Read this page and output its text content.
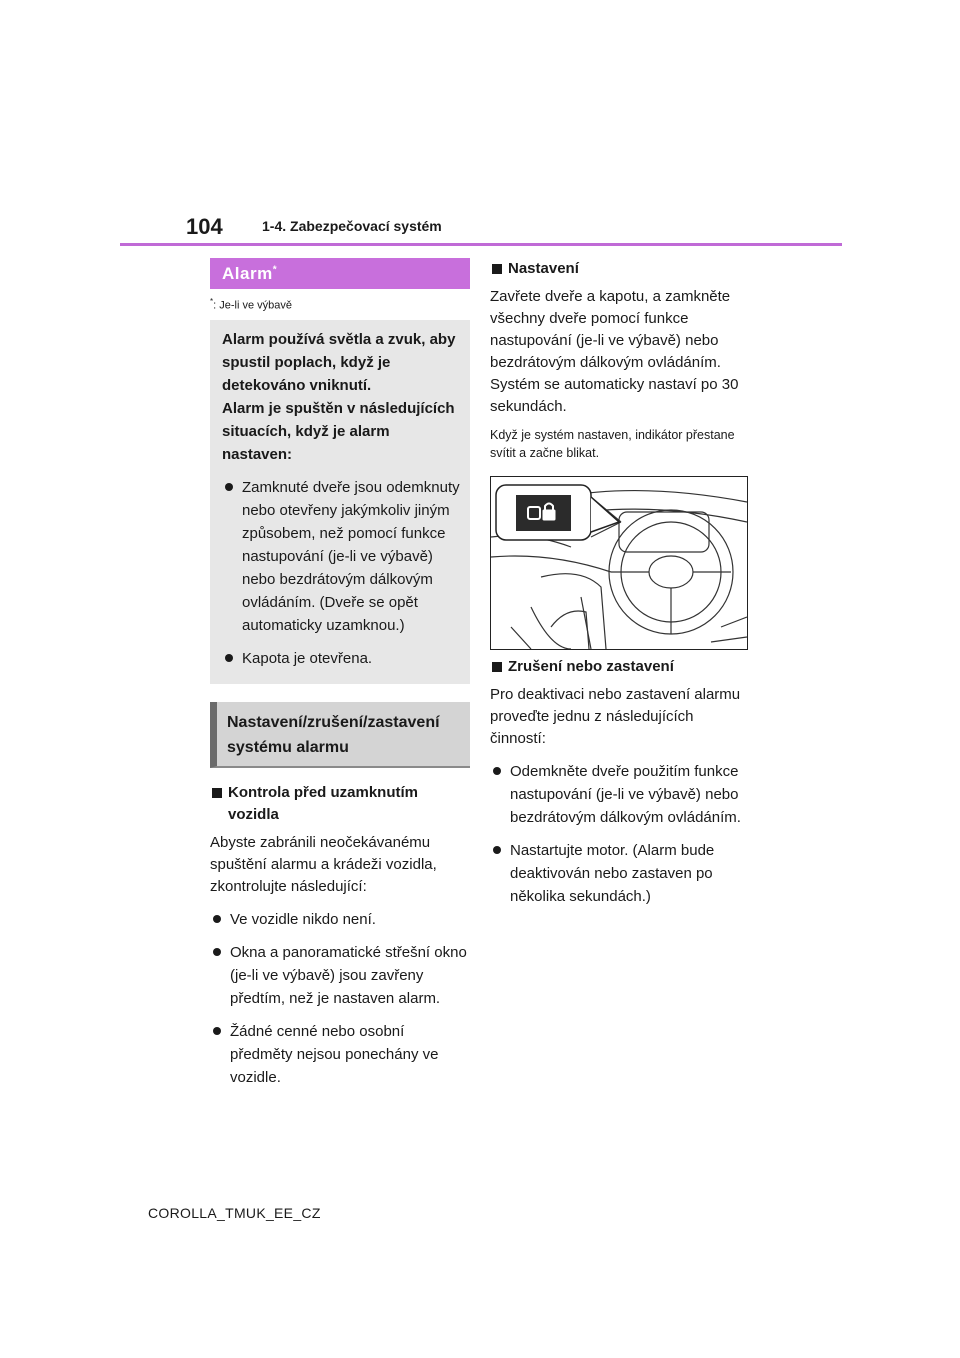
104	1-4. Zabezpečovací systém
Alarm*
*: Je-li ve výbavě

Alarm používá světla a zvuk, aby spustil poplach, když je detekováno vniknutí.

Alarm je spuštěn v následujících situacích, když je alarm nastaven:

Zamknuté dveře jsou odemknuty nebo otevřeny jakýmkoliv jiným způsobem, než pomocí funkce nastupování (je-li ve výbavě) nebo bezdrátovým dálkovým ovládáním. (Dveře se opět automaticky uzamknou.)
Kapota je otevřena.
Nastavení/zrušení/zastavení systému alarmu
Kontrola před uzamknutím vozidla
Abyste zabránili neočekávanému spuštění alarmu a krádeži vozidla, zkontrolujte následující:
Ve vozidle nikdo není.
Okna a panoramatické střešní okno (je-li ve výbavě) jsou zavřeny předtím, než je nastaven alarm.
Žádné cenné nebo osobní předměty nejsou ponechány ve vozidle.
Nastavení
Zavřete dveře a kapotu, a zamkněte všechny dveře pomocí funkce nastupování (je-li ve výbavě) nebo bezdrátovým dálkovým ovládáním. Systém se automaticky nastaví po 30 sekundách.
Když je systém nastaven, indikátor přestane svítit a začne blikat.
Zrušení nebo zastavení
Pro deaktivaci nebo zastavení alarmu proveďte jednu z následujících činností:
Odemkněte dveře použitím funkce nastupování (je-li ve výbavě) nebo bezdrátovým dálkovým ovládáním.
Nastartujte motor. (Alarm bude deaktivován nebo zastaven po několika sekundách.)
COROLLA_TMUK_EE_CZ
